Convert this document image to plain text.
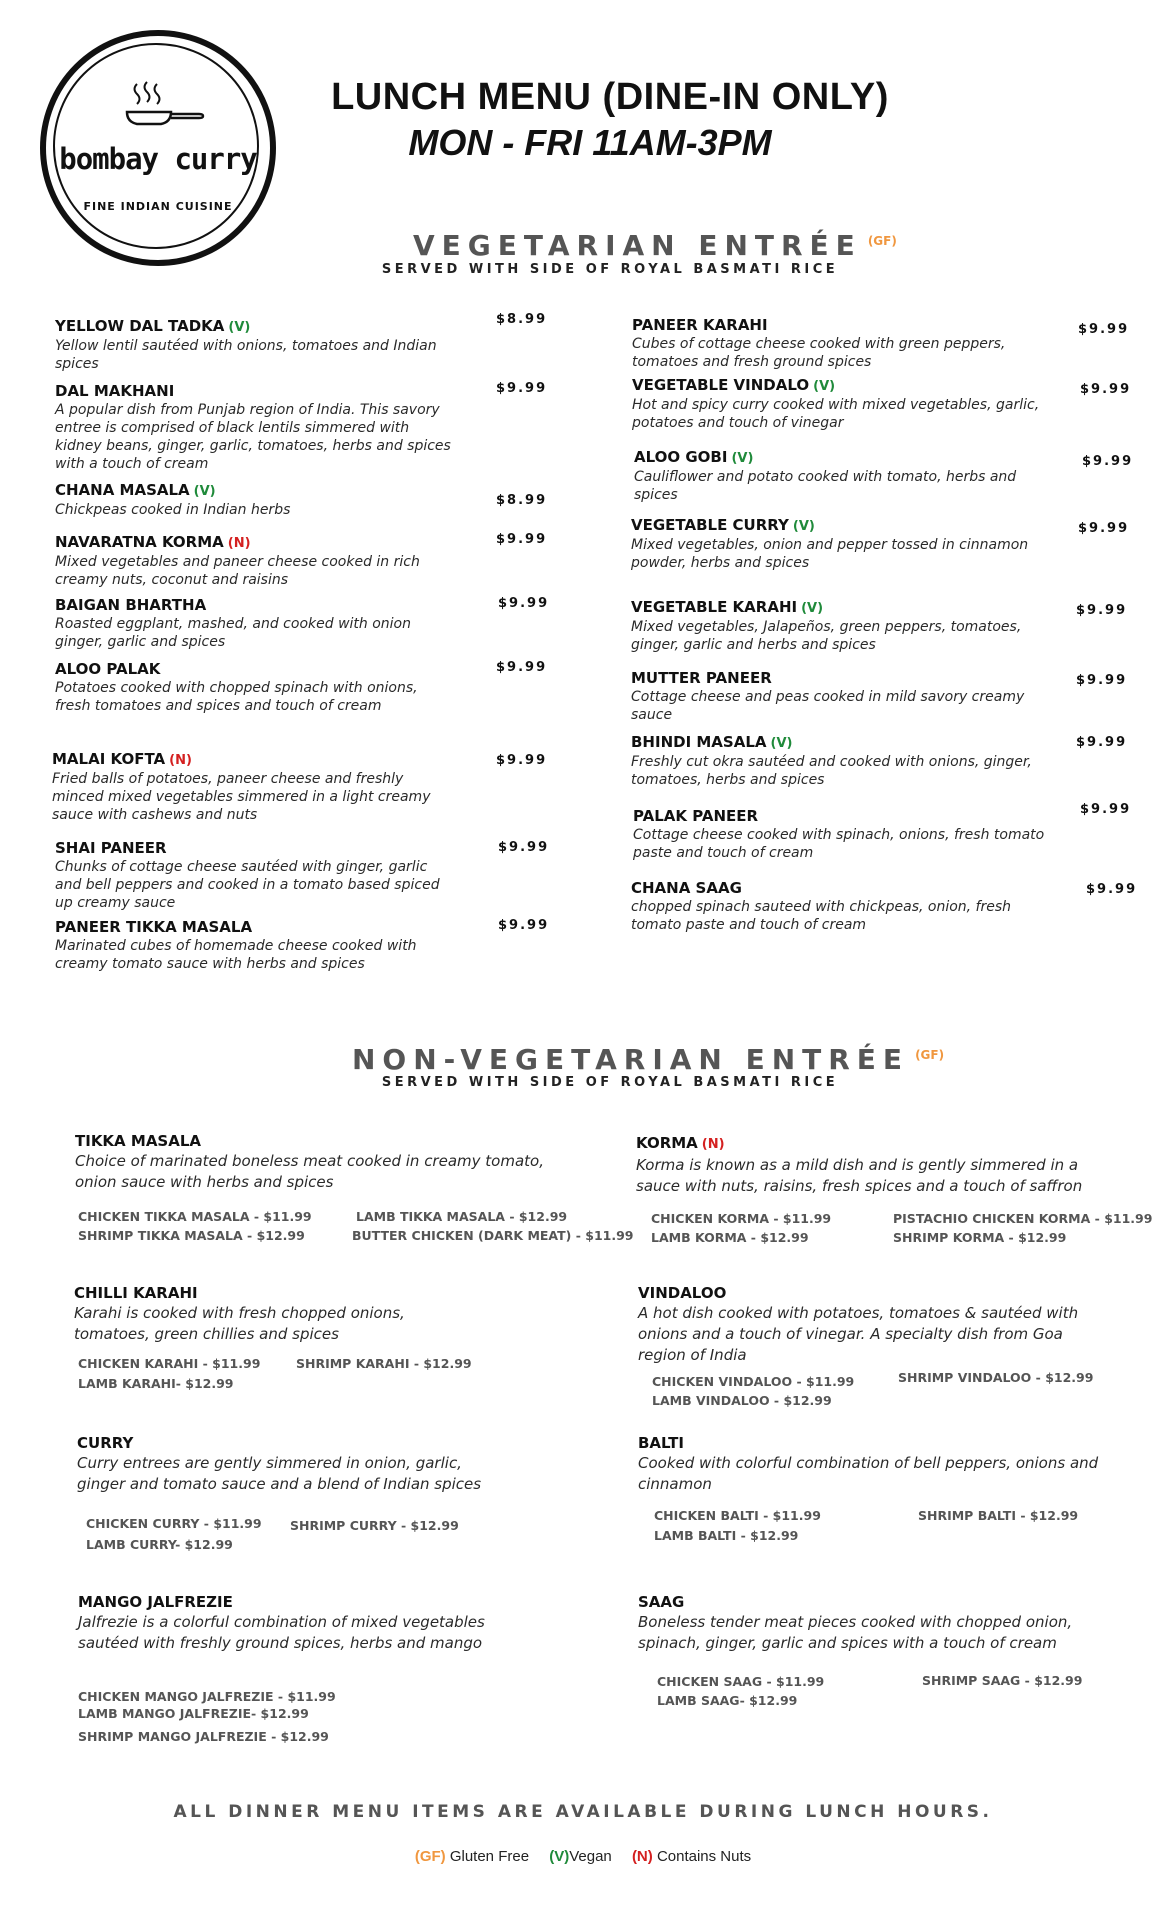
bombay curry
FINE INDIAN CUISINE
LUNCH MENU (DINE-IN ONLY)
MON - FRI 11AM-3PM
VEGETARIAN ENTRÉE $^{(GF)}$
SERVED WITH SIDE OF ROYAL BASMATI RICE
YELLOW DAL TADKA (V)
Yellow lentil sautéed with onions, tomatoes and Indian spices
$8.99
DAL MAKHANI
A popular dish from Punjab region of India. This savory entree is comprised of black lentils simmered with kidney beans, ginger, garlic, tomatoes, herbs and spices with a touch of cream
$9.99
CHANA MASALA (V)
Chickpeas cooked in Indian herbs
$8.99
NAVARATNA KORMA (N)
Mixed vegetables and paneer cheese cooked in rich creamy nuts, coconut and raisins
$9.99
BAIGAN BHARTHA
Roasted eggplant, mashed, and cooked with onion ginger, garlic and spices
$9.99
ALOO PALAK
Potatoes cooked with chopped spinach with onions, fresh tomatoes and spices and touch of cream
$9.99
MALAI KOFTA (N)
Fried balls of potatoes, paneer cheese and freshly minced mixed vegetables simmered in a light creamy sauce with cashews and nuts
$9.99
SHAI PANEER
Chunks of cottage cheese sautéed with ginger, garlic and bell peppers and cooked in a tomato based spiced up creamy sauce
$9.99
PANEER TIKKA MASALA
Marinated cubes of homemade cheese cooked with creamy tomato sauce with herbs and spices
$9.99
PANEER KARAHI
Cubes of cottage cheese cooked with green peppers, tomatoes and fresh ground spices
$9.99
VEGETABLE VINDALO (V)
Hot and spicy curry cooked with mixed vegetables, garlic, potatoes and touch of vinegar
$9.99
ALOO GOBI (V)
Cauliflower and potato cooked with tomato, herbs and spices
$9.99
VEGETABLE CURRY (V)
Mixed vegetables, onion and pepper tossed in cinnamon powder, herbs and spices
$9.99
VEGETABLE KARAHI (V)
Mixed vegetables, Jalapeños, green peppers, tomatoes, ginger, garlic and herbs and spices
$9.99
MUTTER PANEER
Cottage cheese and peas cooked in mild savory creamy sauce
$9.99
BHINDI MASALA (V)
Freshly cut okra sautéed and cooked with onions, ginger, tomatoes, herbs and spices
$9.99
PALAK PANEER
Cottage cheese cooked with spinach, onions, fresh tomato paste and touch of cream
$9.99
CHANA SAAG
chopped spinach sauteed with chickpeas, onion, fresh tomato paste and touch of cream
$9.99
NON-VEGETARIAN ENTRÉE $^{(GF)}$
SERVED WITH SIDE OF ROYAL BASMATI RICE
TIKKA MASALA
Choice of marinated boneless meat cooked in creamy tomato, onion sauce with herbs and spices
CHICKEN TIKKA MASALA - $11.99	LAMB TIKKA MASALA - $12.99
SHRIMP TIKKA MASALA - $12.99	BUTTER CHICKEN (DARK MEAT) - $11.99
KORMA (N)
Korma is known as a mild dish and is gently simmered in a sauce with nuts, raisins, fresh spices and a touch of saffron
CHICKEN KORMA - $11.99	PISTACHIO CHICKEN KORMA - $11.99
LAMB KORMA - $12.99	SHRIMP KORMA - $12.99
CHILLI KARAHI
Karahi is cooked with fresh chopped onions, tomatoes, green chillies and spices
CHICKEN KARAHI - $11.99	SHRIMP KARAHI - $12.99
LAMB KARAHI- $12.99
VINDALOO
A hot dish cooked with potatoes, tomatoes & sautéed with onions and a touch of vinegar. A specialty dish from Goa region of India
CHICKEN VINDALOO - $11.99	SHRIMP VINDALOO - $12.99
LAMB VINDALOO - $12.99
CURRY
Curry entrees are gently simmered in onion, garlic, ginger and tomato sauce and a blend of Indian spices
CHICKEN CURRY - $11.99 SHRIMP CURRY - $12.99
LAMB CURRY- $12.99
BALTI
Cooked with colorful combination of bell peppers, onions and cinnamon
CHICKEN BALTI - $11.99	SHRIMP BALTI - $12.99
LAMB BALTI - $12.99
MANGO JALFREZIE
Jalfrezie is a colorful combination of mixed vegetables sautéed with freshly ground spices, herbs and mango
CHICKEN MANGO JALFREZIE - $11.99
LAMB MANGO JALFREZIE- $12.99
SHRIMP MANGO JALFREZIE - $12.99
SAAG
Boneless tender meat pieces cooked with chopped onion, spinach, ginger, garlic and spices with a touch of cream
CHICKEN SAAG - $11.99	SHRIMP SAAG - $12.99
LAMB SAAG- $12.99
ALL DINNER MENU ITEMS ARE AVAILABLE DURING LUNCH HOURS.
(GF) Gluten Free (V)Vegan (N) Contains Nuts
